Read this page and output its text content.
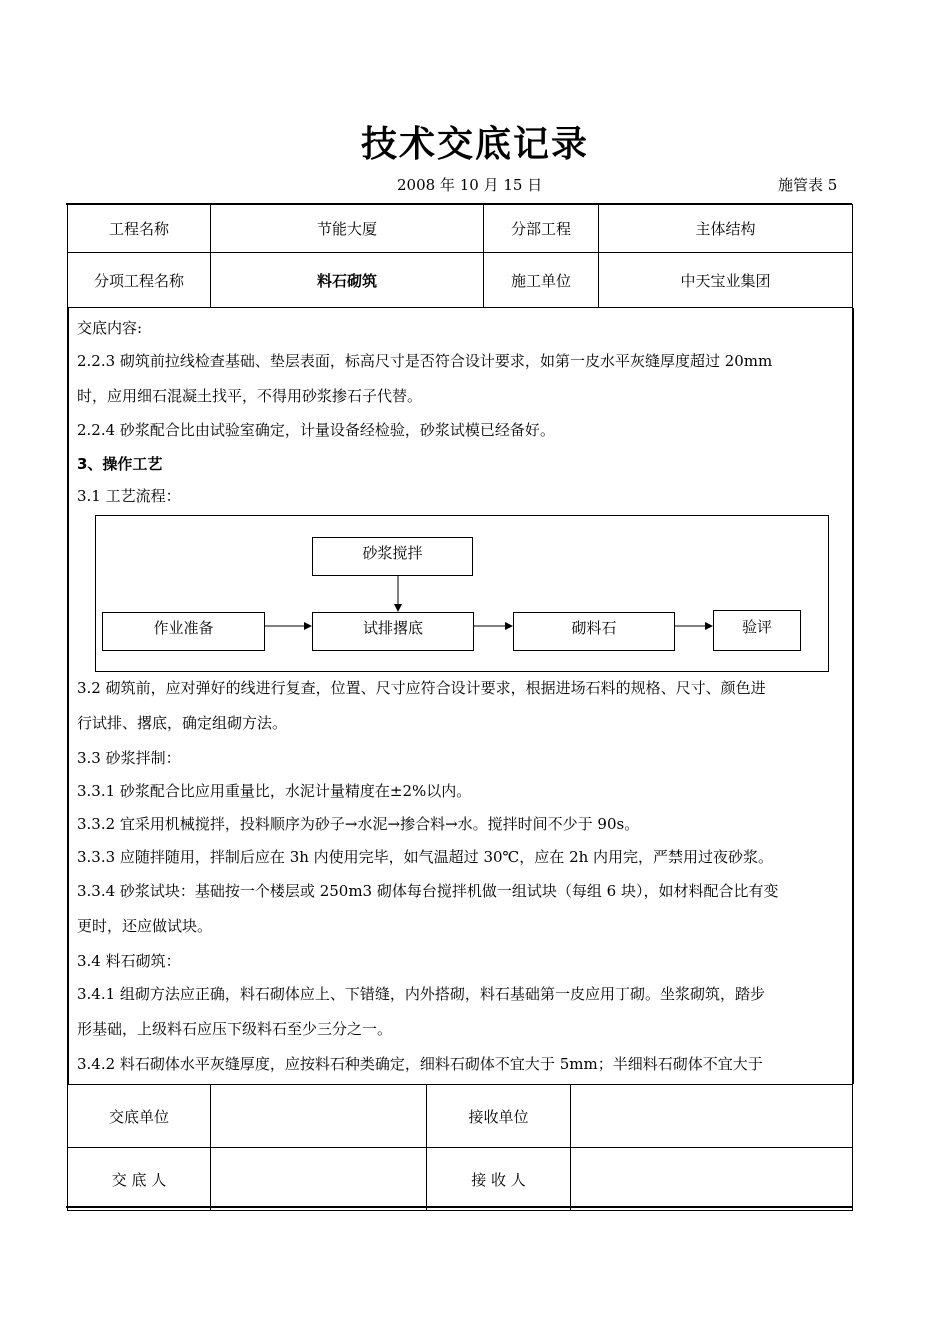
技术交底记录
2008 年 10 月 15 日	施管表 5
工程名称	节能大厦	分部工程	主体结构
分项工程名称	料石砌筑	施工单位	中天宝业集团
交底内容:
2.2.3 砌筑前拉线检查基础、垫层表面，标高尺寸是否符合设计要求，如第一皮水平灰缝厚度超过 20mm
时，应用细石混凝土找平，不得用砂浆掺石子代替。
2.2.4 砂浆配合比由试验室确定，计量设备经检验，砂浆试模已经备好。
3、操作工艺
3.1 工艺流程：
砂浆搅拌
作业准备	试排撂底	砌料石	验评
3.2 砌筑前，应对弹好的线进行复查，位置、尺寸应符合设计要求，根据进场石料的规格、尺寸、颜色进
行试排、撂底，确定组砌方法。
3.3 砂浆拌制：
3.3.1 砂浆配合比应用重量比，水泥计量精度在±2%以内。
3.3.2 宜采用机械搅拌，投料顺序为砂子→水泥→掺合料→水。搅拌时间不少于 90s。
3.3.3 应随拌随用，拌制后应在 3h 内使用完毕，如气温超过 30℃，应在 2h 内用完，严禁用过夜砂浆。
3.3.4 砂浆试块：基础按一个楼层或 250m3 砌体每台搅拌机做一组试块（每组 6 块），如材料配合比有变
更时，还应做试块。
3.4 料石砌筑：
3.4.1 组砌方法应正确，料石砌体应上、下错缝，内外搭砌，料石基础第一皮应用丁砌。坐浆砌筑，踏步
形基础，上级料石应压下级料石至少三分之一。
3.4.2 料石砌体水平灰缝厚度，应按料石种类确定，细料石砌体不宜大于 5mm；半细料石砌体不宜大于
交底单位		接收单位	
交 底 人		接 收 人	
